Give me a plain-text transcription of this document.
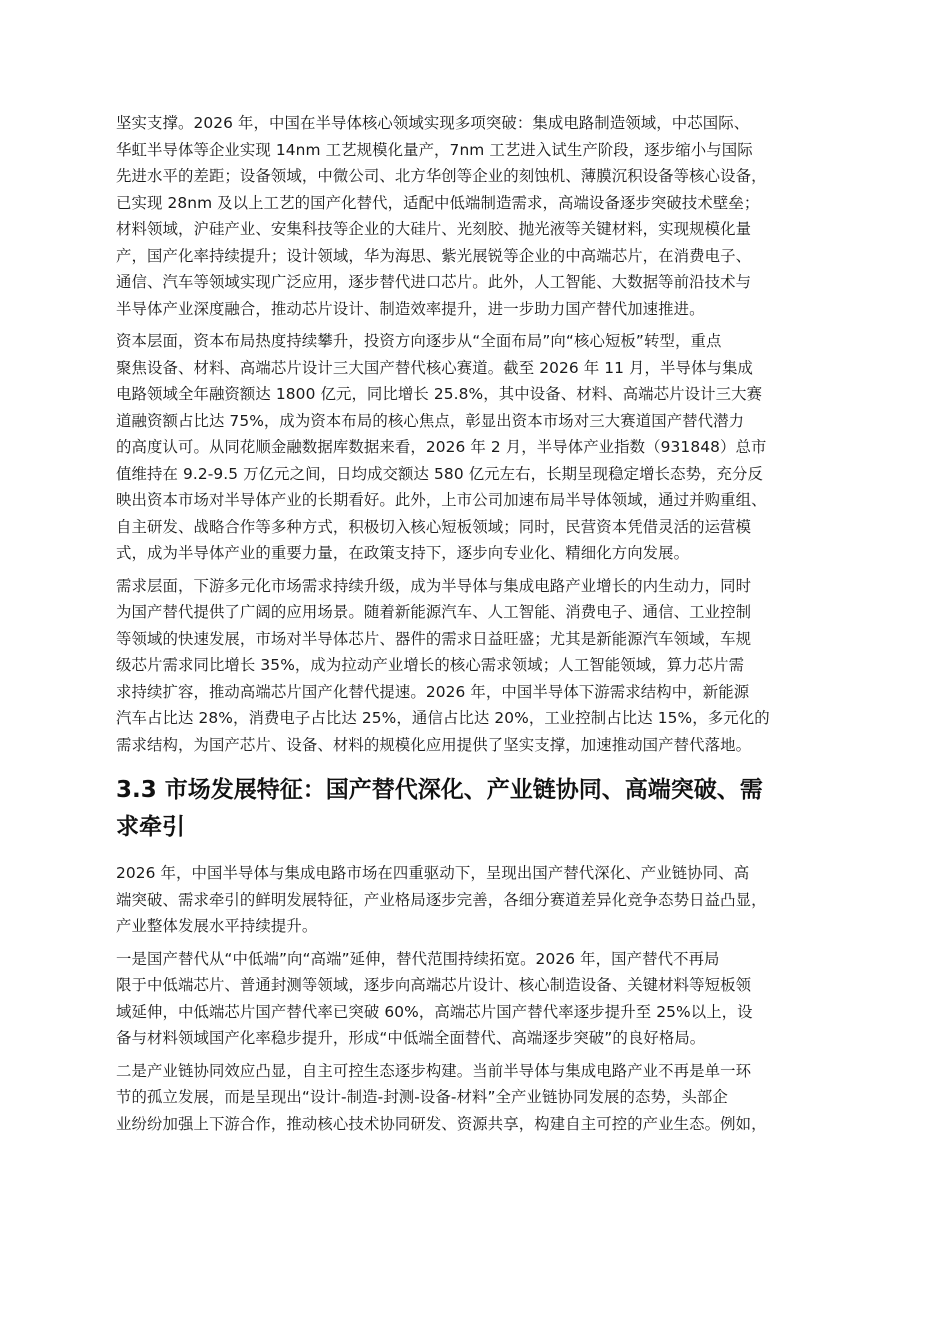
坚实支撑。2026 年，中国在半导体核心领域实现多项突破：集成电路制造领域，中芯国际、
华虹半导体等企业实现 14nm 工艺规模化量产，7nm 工艺进入试生产阶段，逐步缩小与国际
先进水平的差距；设备领域，中微公司、北方华创等企业的刻蚀机、薄膜沉积设备等核心设备，
已实现 28nm 及以上工艺的国产化替代，适配中低端制造需求，高端设备逐步突破技术壁垒；
材料领域，沪硅产业、安集科技等企业的大硅片、光刻胶、抛光液等关键材料，实现规模化量
产，国产化率持续提升；设计领域，华为海思、紫光展锐等企业的中高端芯片，在消费电子、
通信、汽车等领域实现广泛应用，逐步替代进口芯片。此外，人工智能、大数据等前沿技术与
半导体产业深度融合，推动芯片设计、制造效率提升，进一步助力国产替代加速推进。

资本层面，资本布局热度持续攀升，投资方向逐步从“全面布局”向“核心短板”转型，重点
聚焦设备、材料、高端芯片设计三大国产替代核心赛道。截至 2026 年 11 月，半导体与集成
电路领域全年融资额达 1800 亿元，同比增长 25.8%，其中设备、材料、高端芯片设计三大赛
道融资额占比达 75%，成为资本布局的核心焦点，彰显出资本市场对三大赛道国产替代潜力
的高度认可。从同花顺金融数据库数据来看，2026 年 2 月，半导体产业指数（931848）总市
值维持在 9.2-9.5 万亿元之间，日均成交额达 580 亿元左右，长期呈现稳定增长态势，充分反
映出资本市场对半导体产业的长期看好。此外，上市公司加速布局半导体领域，通过并购重组、
自主研发、战略合作等多种方式，积极切入核心短板领域；同时，民营资本凭借灵活的运营模
式，成为半导体产业的重要力量，在政策支持下，逐步向专业化、精细化方向发展。

需求层面，下游多元化市场需求持续升级，成为半导体与集成电路产业增长的内生动力，同时
为国产替代提供了广阔的应用场景。随着新能源汽车、人工智能、消费电子、通信、工业控制
等领域的快速发展，市场对半导体芯片、器件的需求日益旺盛；尤其是新能源汽车领域，车规
级芯片需求同比增长 35%，成为拉动产业增长的核心需求领域；人工智能领域，算力芯片需
求持续扩容，推动高端芯片国产化替代提速。2026 年，中国半导体下游需求结构中，新能源
汽车占比达 28%，消费电子占比达 25%，通信占比达 20%，工业控制占比达 15%，多元化的
需求结构，为国产芯片、设备、材料的规模化应用提供了坚实支撑，加速推动国产替代落地。

3.3 市场发展特征：国产替代深化、产业链协同、高端突破、需
求牵引

2026 年，中国半导体与集成电路市场在四重驱动下，呈现出国产替代深化、产业链协同、高
端突破、需求牵引的鲜明发展特征，产业格局逐步完善，各细分赛道差异化竞争态势日益凸显，
产业整体发展水平持续提升。

一是国产替代从“中低端”向“高端”延伸，替代范围持续拓宽。2026 年，国产替代不再局
限于中低端芯片、普通封测等领域，逐步向高端芯片设计、核心制造设备、关键材料等短板领
域延伸，中低端芯片国产替代率已突破 60%，高端芯片国产替代率逐步提升至 25%以上，设
备与材料领域国产化率稳步提升，形成“中低端全面替代、高端逐步突破”的良好格局。

二是产业链协同效应凸显，自主可控生态逐步构建。当前半导体与集成电路产业不再是单一环
节的孤立发展，而是呈现出“设计-制造-封测-设备-材料”全产业链协同发展的态势，头部企
业纷纷加强上下游合作，推动核心技术协同研发、资源共享，构建自主可控的产业生态。例如，
